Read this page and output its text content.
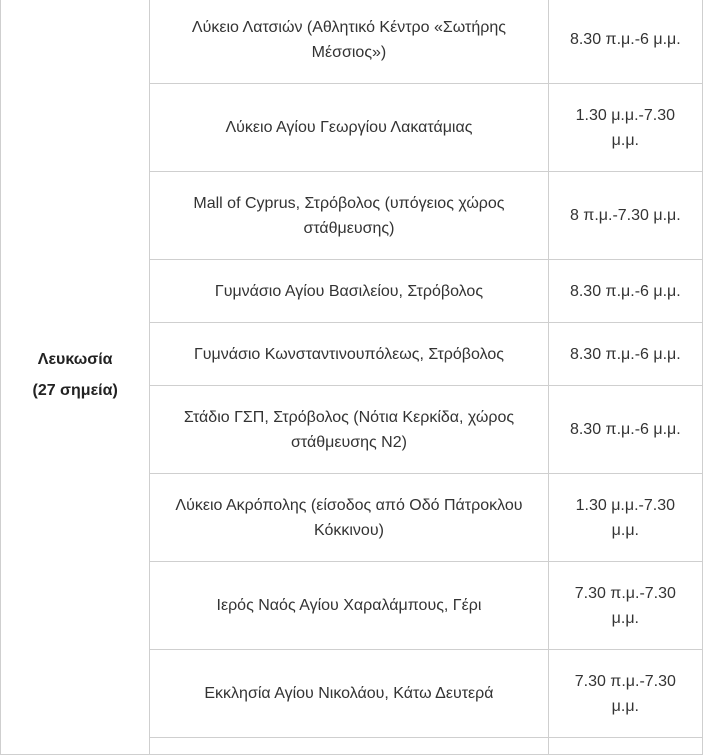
Λευκωσία
(27 σημεία)	Λύκειο Λατσιών (Αθλητικό Κέντρο «Σωτήρης Μέσσιος»)	8.30 π.μ.-6 μ.μ.
	Λύκειο Αγίου Γεωργίου Λακατάμιας	1.30 μ.μ.-7.30 μ.μ.
	Mall of Cyprus, Στρόβολος (υπόγειος χώρος στάθμευσης)	8 π.μ.-7.30 μ.μ.
	Γυμνάσιο Αγίου Βασιλείου, Στρόβολος	8.30 π.μ.-6 μ.μ.
	Γυμνάσιο Κωνσταντινουπόλεως, Στρόβολος	8.30 π.μ.-6 μ.μ.
	Στάδιο ΓΣΠ, Στρόβολος (Νότια Κερκίδα, χώρος στάθμευσης Ν2)	8.30 π.μ.-6 μ.μ.
	Λύκειο Ακρόπολης (είσοδος από Οδό Πάτροκλου Κόκκινου)	1.30 μ.μ.-7.30 μ.μ.
	Ιερός Ναός Αγίου Χαραλάμπους, Γέρι	7.30 π.μ.-7.30 μ.μ.
	Εκκλησία Αγίου Νικολάου, Κάτω Δευτερά	7.30 π.μ.-7.30 μ.μ.
